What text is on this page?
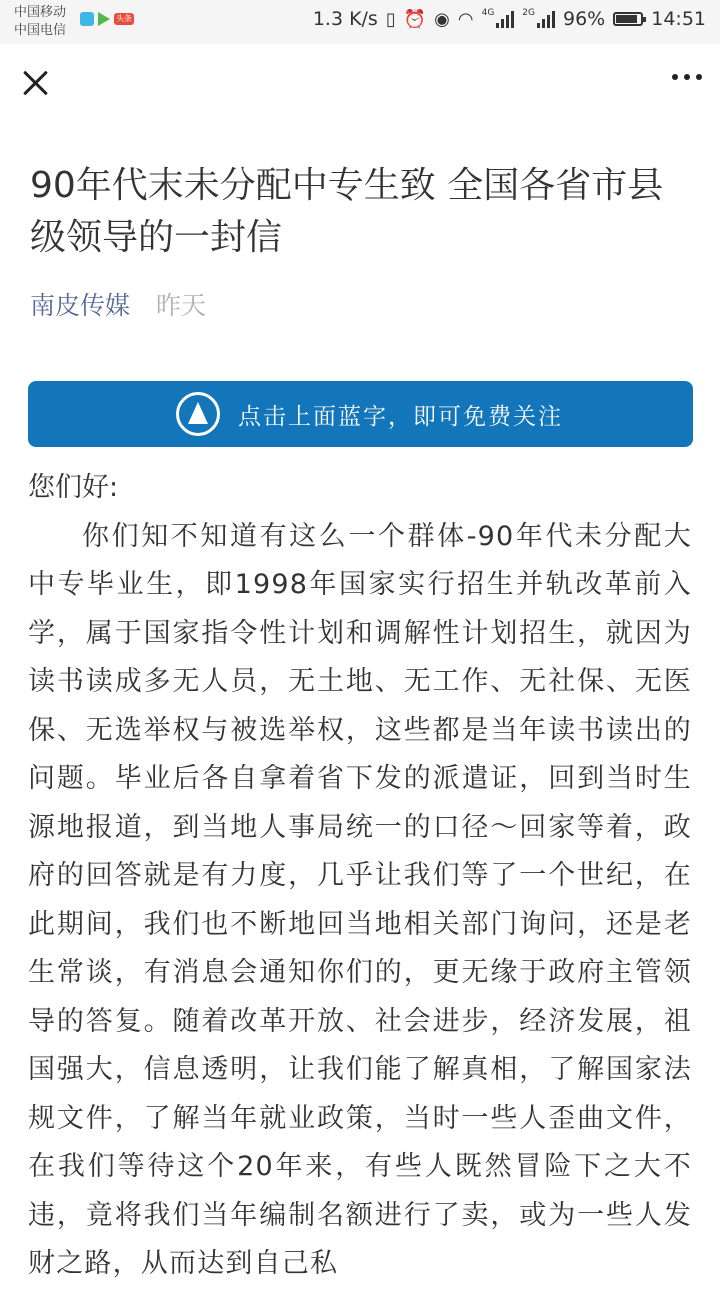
中国移动
中国电信
头条	1.3 K/s ▯ ⏰ ◉ ◠ 4G	2G 96% 14:51
90年代末未分配中专生致 全国各省市县级领导的一封信
南皮传媒 昨天
点击上面蓝字，即可免费关注

您们好:

你们知不知道有这么一个群体-90年代未分配大中专毕业生，即1998年国家实行招生并轨改革前入学，属于国家指令性计划和调解性计划招生，就因为读书读成多无人员，无土地、无工作、无社保、无医保、无选举权与被选举权，这些都是当年读书读出的问题。毕业后各自拿着省下发的派遣证，回到当时生源地报道，到当地人事局统一的口径～回家等着，政府的回答就是有力度，几乎让我们等了一个世纪，在此期间，我们也不断地回当地相关部门询问，还是老生常谈，有消息会通知你们的，更无缘于政府主管领导的答复。随着改革开放、社会进步，经济发展，祖国强大，信息透明，让我们能了解真相，了解国家法规文件，了解当年就业政策，当时一些人歪曲文件，在我们等待这个20年来，有些人既然冒险下之大不违，竟将我们当年编制名额进行了卖，或为一些人发财之路，从而达到自己私
